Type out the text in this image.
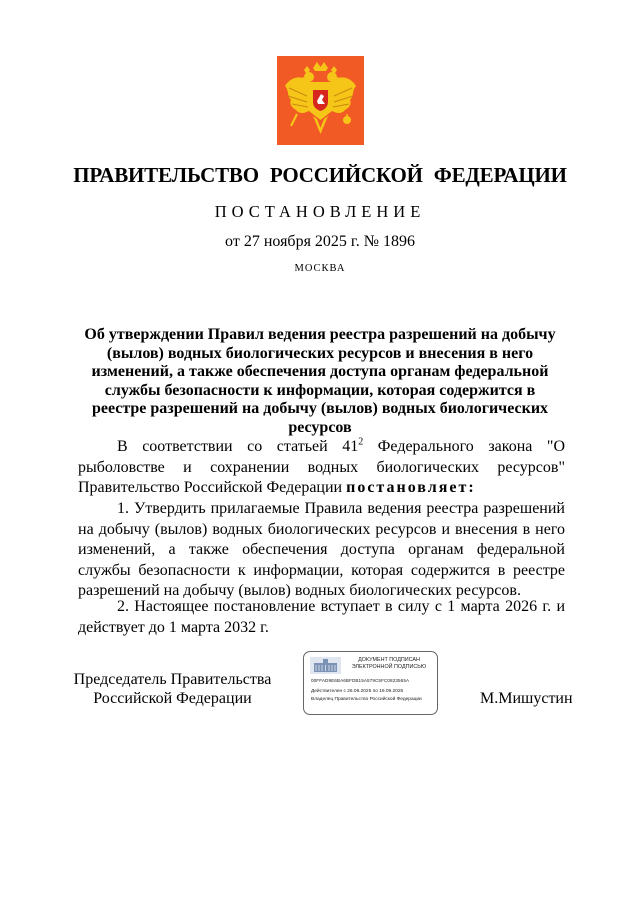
ПРАВИТЕЛЬСТВО РОССИЙСКОЙ ФЕДЕРАЦИИ
ПОСТАНОВЛЕНИЕ
от 27 ноября 2025 г. № 1896
МОСКВА
Об утверждении Правил ведения реестра разрешений на добычу (вылов) водных биологических ресурсов и внесения в него изменений, а также обеспечения доступа органам федеральной службы безопасности к информации, которая содержится в реестре разрешений на добычу (вылов) водных биологических ресурсов

В соответствии со статьей $41^2$ Федерального закона "О рыболовстве и сохранении водных биологических ресурсов" Правительство Российской Федерации постановляет:

1. Утвердить прилагаемые Правила ведения реестра разрешений на добычу (вылов) водных биологических ресурсов и внесения в него изменений, а также обеспечения доступа органам федеральной службы безопасности к информации, которая содержится в реестре разрешений на добычу (вылов) водных биологических ресурсов.

2. Настоящее постановление вступает в силу с 1 марта 2026 г. и действует до 1 марта 2032 г.

Председатель Правительства
Российской Федерации
ДОКУМЕНТ ПОДПИСАН
ЭЛЕКТРОННОЙ ПОДПИСЬЮ
00FFAD9E6BA6BFDB15A579C5FC0823565A
Действителен с 26.06.2025 по 19.09.2026
Владелец Правительство Российской Федерации	М.Мишустин
